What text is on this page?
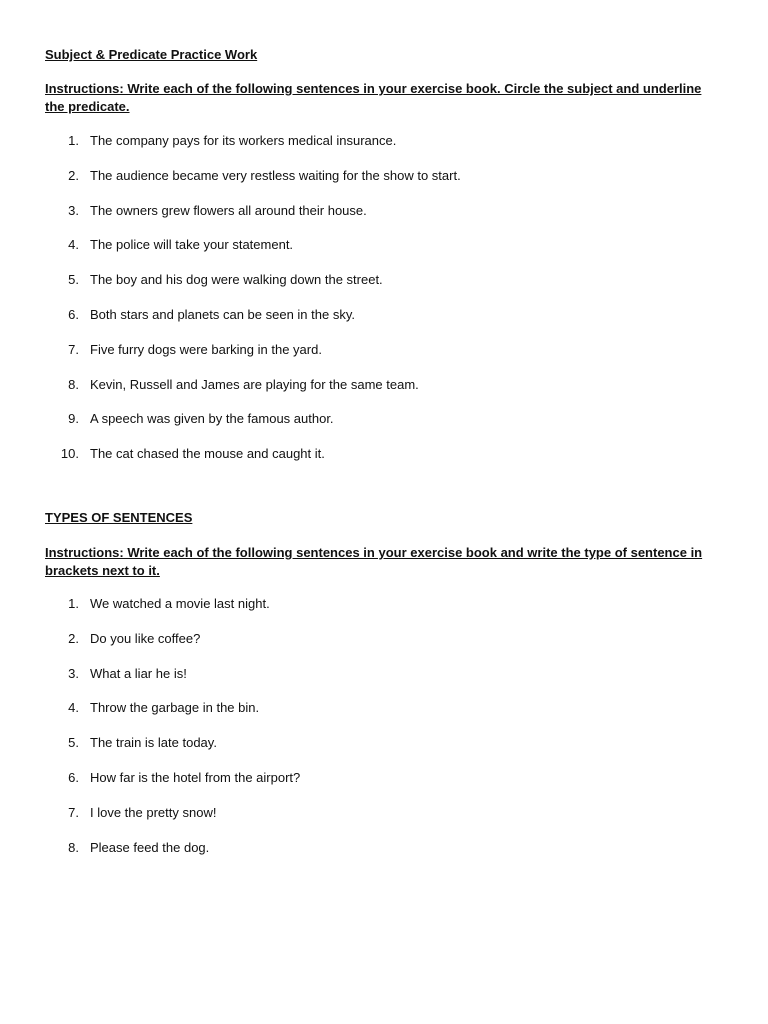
Subject & Predicate Practice Work
Instructions: Write each of the following sentences in your exercise book. Circle the subject and underline the predicate.
1. The company pays for its workers medical insurance.
2. The audience became very restless waiting for the show to start.
3. The owners grew flowers all around their house.
4. The police will take your statement.
5. The boy and his dog were walking down the street.
6. Both stars and planets can be seen in the sky.
7. Five furry dogs were barking in the yard.
8. Kevin, Russell and James are playing for the same team.
9. A speech was given by the famous author.
10. The cat chased the mouse and caught it.
TYPES OF SENTENCES
Instructions: Write each of the following sentences in your exercise book and write the type of sentence in brackets next to it.
1. We watched a movie last night.
2. Do you like coffee?
3. What a liar he is!
4. Throw the garbage in the bin.
5. The train is late today.
6. How far is the hotel from the airport?
7. I love the pretty snow!
8. Please feed the dog.
